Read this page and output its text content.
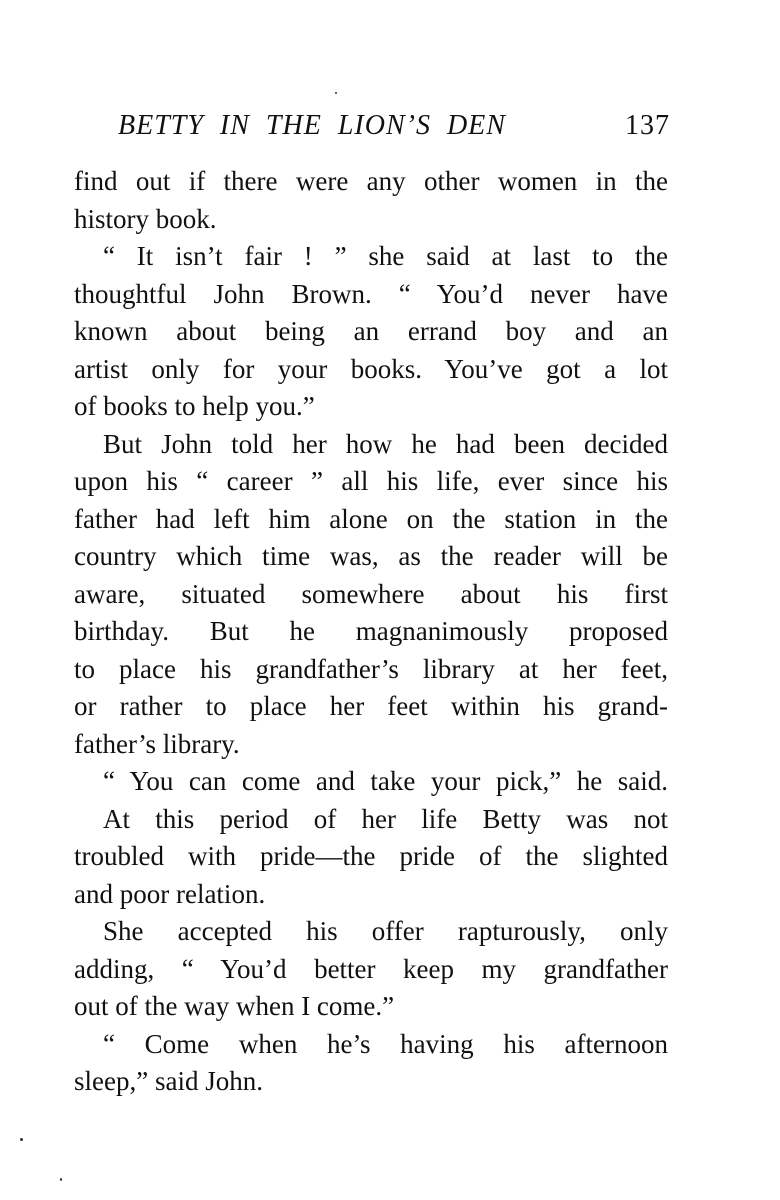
BETTY IN THE LION’S DEN	137
find out if there were any other women in the
history book.
“ It isn’t fair ! ” she said at last to the
thoughtful John Brown. “ You’d never have
known about being an errand boy and an
artist only for your books. You’ve got a lot
of books to help you.”
But John told her how he had been decided
upon his “ career ” all his life, ever since his
father had left him alone on the station in the
country which time was, as the reader will be
aware, situated somewhere about his first
birthday. But he magnanimously proposed
to place his grandfather’s library at her feet,
or rather to place her feet within his grand-
father’s library.
“ You can come and take your pick,” he said.
At this period of her life Betty was not
troubled with pride—the pride of the slighted
and poor relation.
She accepted his offer rapturously, only
adding, “ You’d better keep my grandfather
out of the way when I come.”
“ Come when he’s having his afternoon
sleep,” said John.
